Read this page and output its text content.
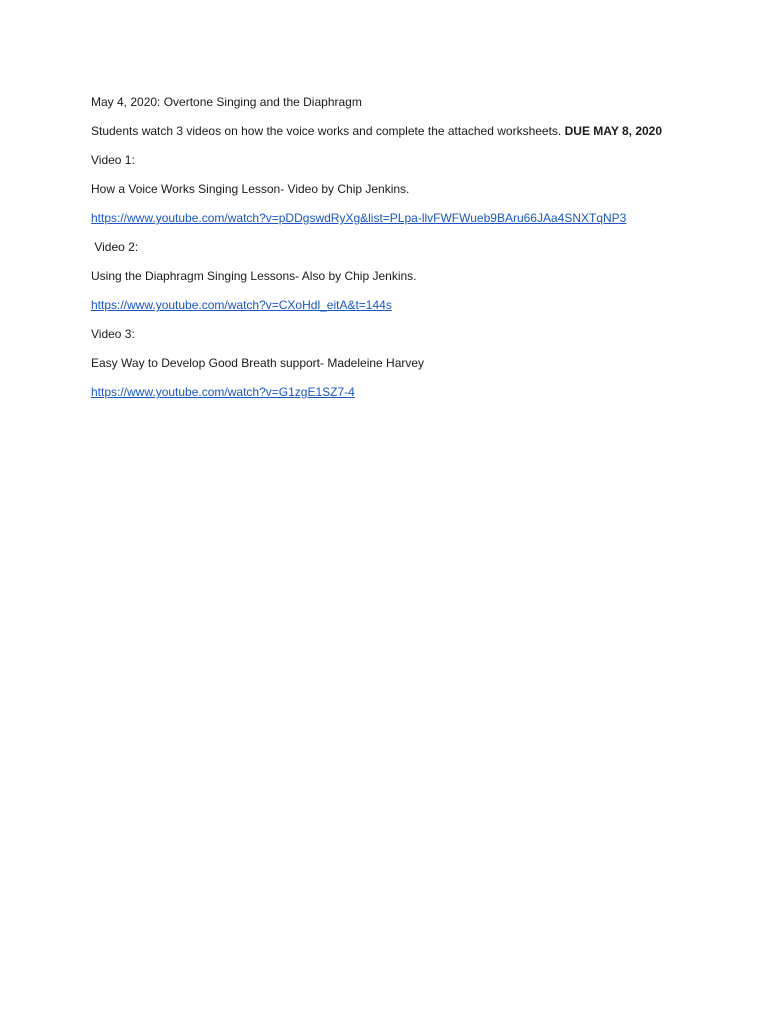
May 4, 2020: Overtone Singing and the Diaphragm
Students watch 3 videos on how the voice works and complete the attached worksheets. DUE MAY 8, 2020
Video 1:
How a Voice Works Singing Lesson- Video by Chip Jenkins.
https://www.youtube.com/watch?v=pDDgswdRyXg&list=PLpa-llvFWFWueb9BAru66JAa4SNXTqNP3
Video 2:
Using the Diaphragm Singing Lessons- Also by Chip Jenkins.
https://www.youtube.com/watch?v=CXoHdl_eitA&t=144s
Video 3:
Easy Way to Develop Good Breath support- Madeleine Harvey
https://www.youtube.com/watch?v=G1zgE1SZ7-4
